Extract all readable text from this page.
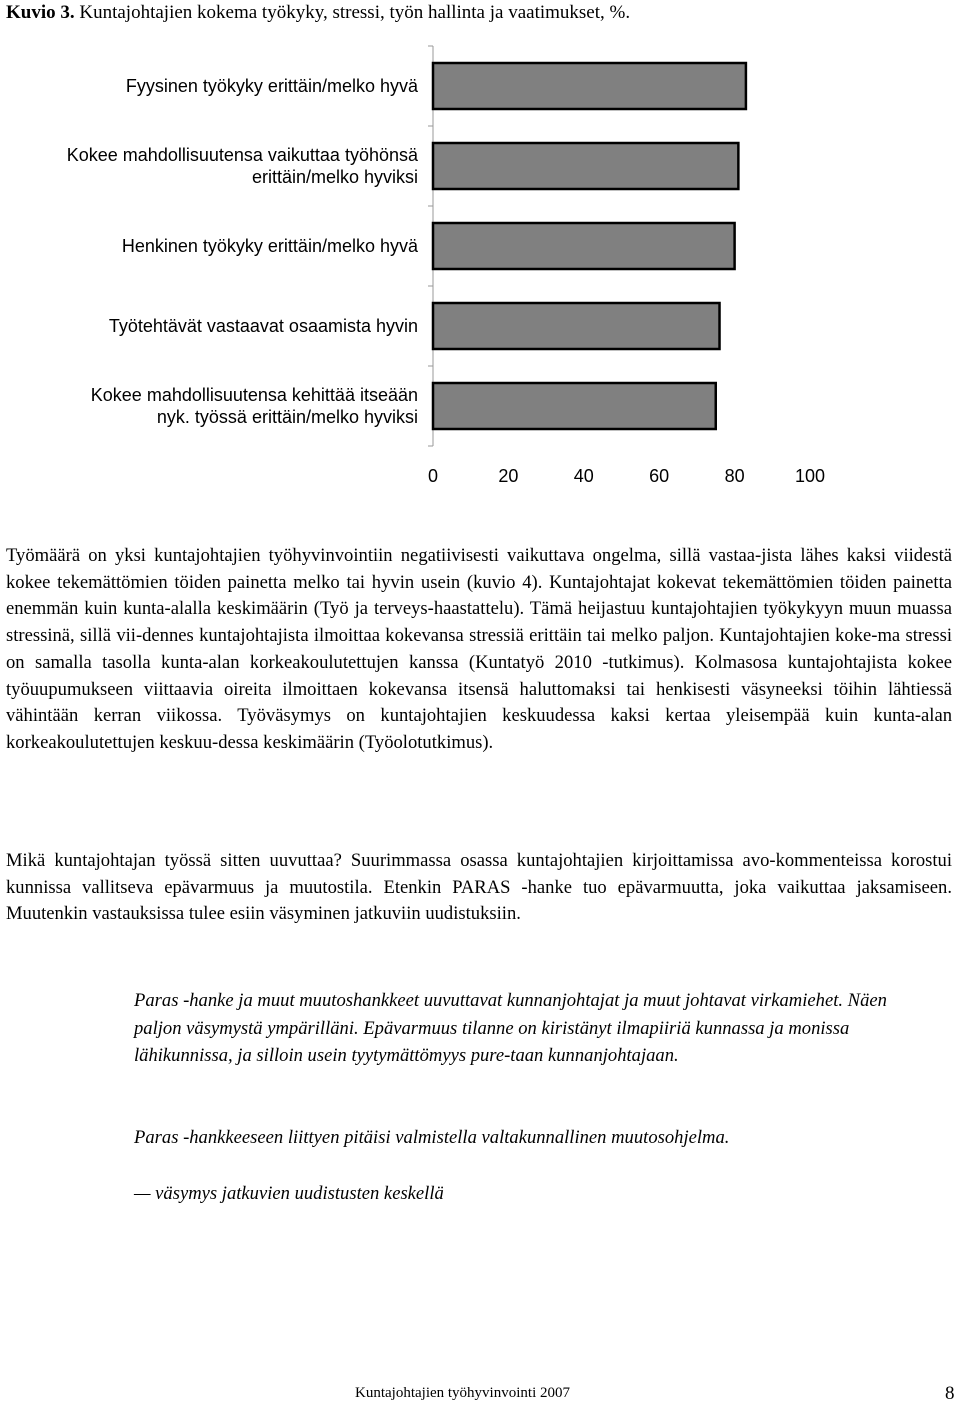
Kuvio 3. Kuntajohtajien kokema työkyky, stressi, työn hallinta ja vaatimukset, %.
Fyysinen työkyky erittäin/melko hyvä
Kokee mahdollisuutensa vaikuttaa työhönsä
erittäin/melko hyviksi
Henkinen työkyky erittäin/melko hyvä
Työtehtävät vastaavat osaamista hyvin
Kokee mahdollisuutensa kehittää itseään
nyk. työssä erittäin/melko hyviksi
0	20	40	60	80	100
Työmäärä on yksi kuntajohtajien työhyvinvointiin negatiivisesti vaikuttava ongelma, sillä vastaa-jista lähes kaksi viidestä kokee tekemättömien töiden painetta melko tai hyvin usein (kuvio 4). Kuntajohtajat kokevat tekemättömien töiden painetta enemmän kuin kunta-alalla keskimäärin (Työ ja terveys-haastattelu). Tämä heijastuu kuntajohtajien työkykyyn muun muassa stressinä, sillä vii-dennes kuntajohtajista ilmoittaa kokevansa stressiä erittäin tai melko paljon. Kuntajohtajien koke-ma stressi on samalla tasolla kunta-alan korkeakoulutettujen kanssa (Kuntatyö 2010 -tutkimus). Kolmasosa kuntajohtajista kokee työuupumukseen viittaavia oireita ilmoittaen kokevansa itsensä haluttomaksi tai henkisesti väsyneeksi töihin lähtiessä vähintään kerran viikossa. Työväsymys on kuntajohtajien keskuudessa kaksi kertaa yleisempää kuin kunta-alan korkeakoulutettujen keskuu-dessa keskimäärin (Työolotutkimus).
Mikä kuntajohtajan työssä sitten uuvuttaa? Suurimmassa osassa kuntajohtajien kirjoittamissa avo-kommenteissa korostui kunnissa vallitseva epävarmuus ja muutostila. Etenkin PARAS -hanke tuo epävarmuutta, joka vaikuttaa jaksamiseen. Muutenkin vastauksissa tulee esiin väsyminen jatkuviin uudistuksiin.
Paras -hanke ja muut muutoshankkeet uuvuttavat kunnanjohtajat ja muut johtavat virkamiehet. Näen paljon väsymystä ympärilläni. Epävarmuus tilanne on kiristänyt ilmapiiriä kunnassa ja monissa lähikunnissa, ja silloin usein tyytymättömyys pure-taan kunnanjohtajaan.
Paras -hankkeeseen liittyen pitäisi valmistella valtakunnallinen muutosohjelma.
— väsymys jatkuvien uudistusten keskellä
Kuntajohtajien työhyvinvointi 2007	8
